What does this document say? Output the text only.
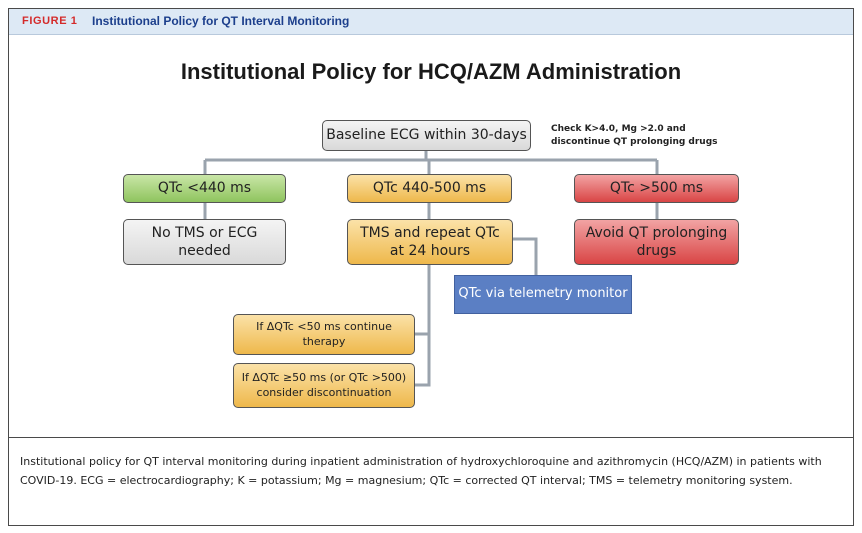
FIGURE 1 Institutional Policy for QT Interval Monitoring
Institutional Policy for HCQ/AZM Administration
Baseline ECG within 30-days	Check K>4.0, Mg >2.0 and
discontinue QT prolonging drugs
QTc <440 ms	QTc 440-500 ms	QTc >500 ms
No TMS or ECG needed
TMS and repeat QTc at 24 hours
Avoid QT prolonging drugs
QTc via telemetry monitor
If ΔQTc <50 ms continue therapy
If ΔQTc ≥50 ms (or QTc >500) consider discontinuation
Institutional policy for QT interval monitoring during inpatient administration of hydroxychloroquine and azithromycin (HCQ/AZM) in patients with COVID-19. ECG = electrocardiography; K = potassium; Mg = magnesium; QTc = corrected QT interval; TMS = telemetry monitoring system.
